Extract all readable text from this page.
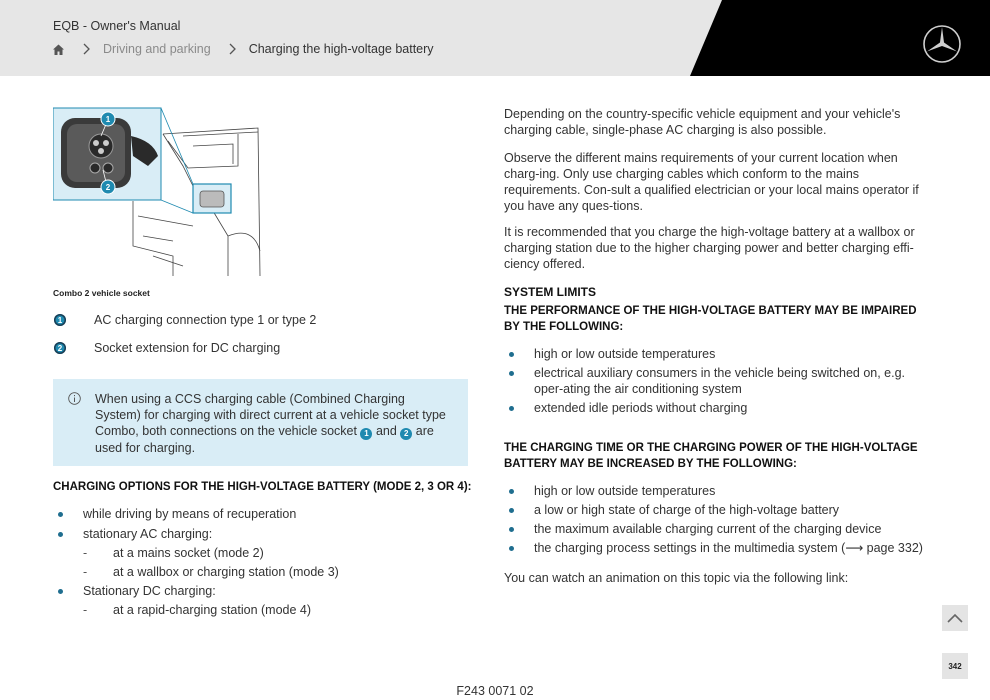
EQB - Owner's Manual
Driving and parking	Charging the high-voltage battery
1
2
Combo 2 vehicle socket
1	AC charging connection type 1 or type 2
2	Socket extension for DC charging
When using a CCS charging cable (Combined Charging System) for charging with direct current at a vehicle socket type Combo, both connections on the vehicle socket 1 and 2 are used for charging.
CHARGING OPTIONS FOR THE HIGH-VOLTAGE BATTERY (MODE 2, 3 OR 4):
while driving by means of recuperation
stationary AC charging:
- at a mains socket (mode 2)
- at a wallbox or charging station (mode 3)
Stationary DC charging:
- at a rapid-charging station (mode 4)
Depending on the country-specific vehicle equipment and your vehicle's charging cable, single-phase AC charging is also possible.
Observe the different mains requirements of your current location when charg-ing. Only use charging cables which conform to the mains requirements. Con-sult a qualified electrician or your local mains operator if you have any ques-tions.
It is recommended that you charge the high-voltage battery at a wallbox or charging station due to the higher charging power and better charging effi-ciency offered.
SYSTEM LIMITS
THE PERFORMANCE OF THE HIGH-VOLTAGE BATTERY MAY BE IMPAIRED BY THE FOLLOWING:
high or low outside temperatures
electrical auxiliary consumers in the vehicle being switched on, e.g. oper-ating the air conditioning system
extended idle periods without charging
THE CHARGING TIME OR THE CHARGING POWER OF THE HIGH-VOLTAGE BATTERY MAY BE INCREASED BY THE FOLLOWING:
high or low outside temperatures
a low or high state of charge of the high-voltage battery
the maximum available charging current of the charging device
the charging process settings in the multimedia system (⟶ page 332)
You can watch an animation on this topic via the following link:
F243 0071 02
342
